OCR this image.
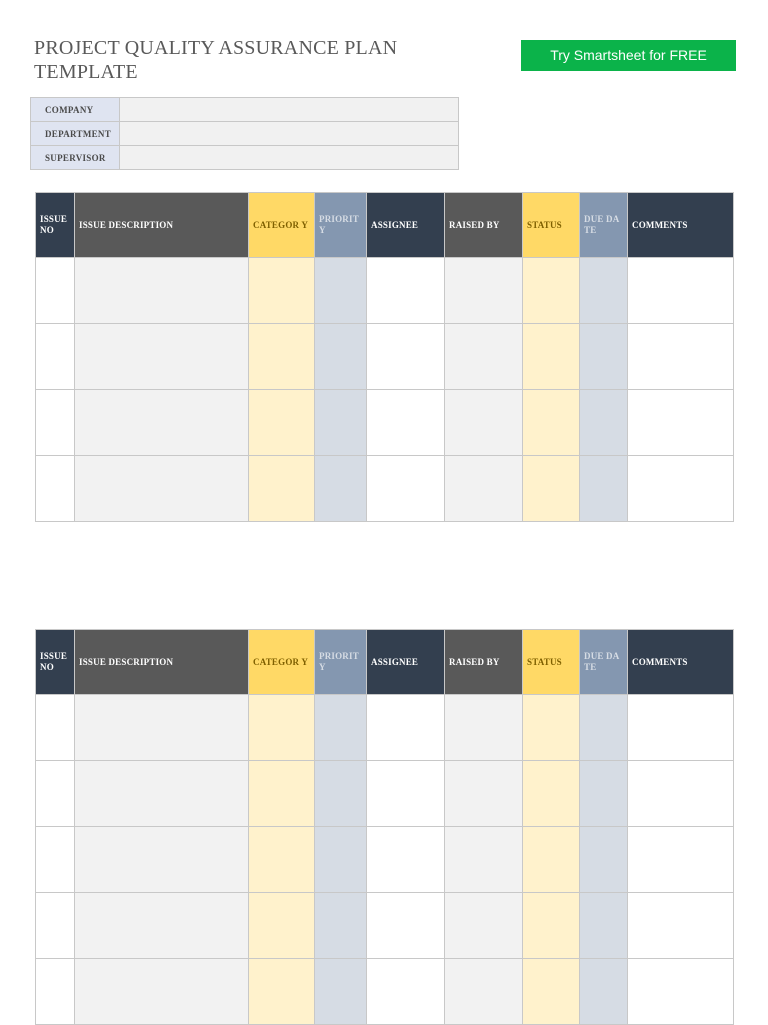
PROJECT QUALITY ASSURANCE PLAN TEMPLATE
Try Smartsheet for FREE
COMPANY	
DEPARTMENT	
SUPERVISOR	
ISSUE NO	ISSUE DESCRIPTION	CATEGOR Y	PRIORIT Y	ASSIGNEE	RAISED BY	STATUS	DUE DATE	COMMENTS

ISSUE NO	ISSUE DESCRIPTION	CATEGOR Y	PRIORIT Y	ASSIGNEE	RAISED BY	STATUS	DUE DATE	COMMENTS
